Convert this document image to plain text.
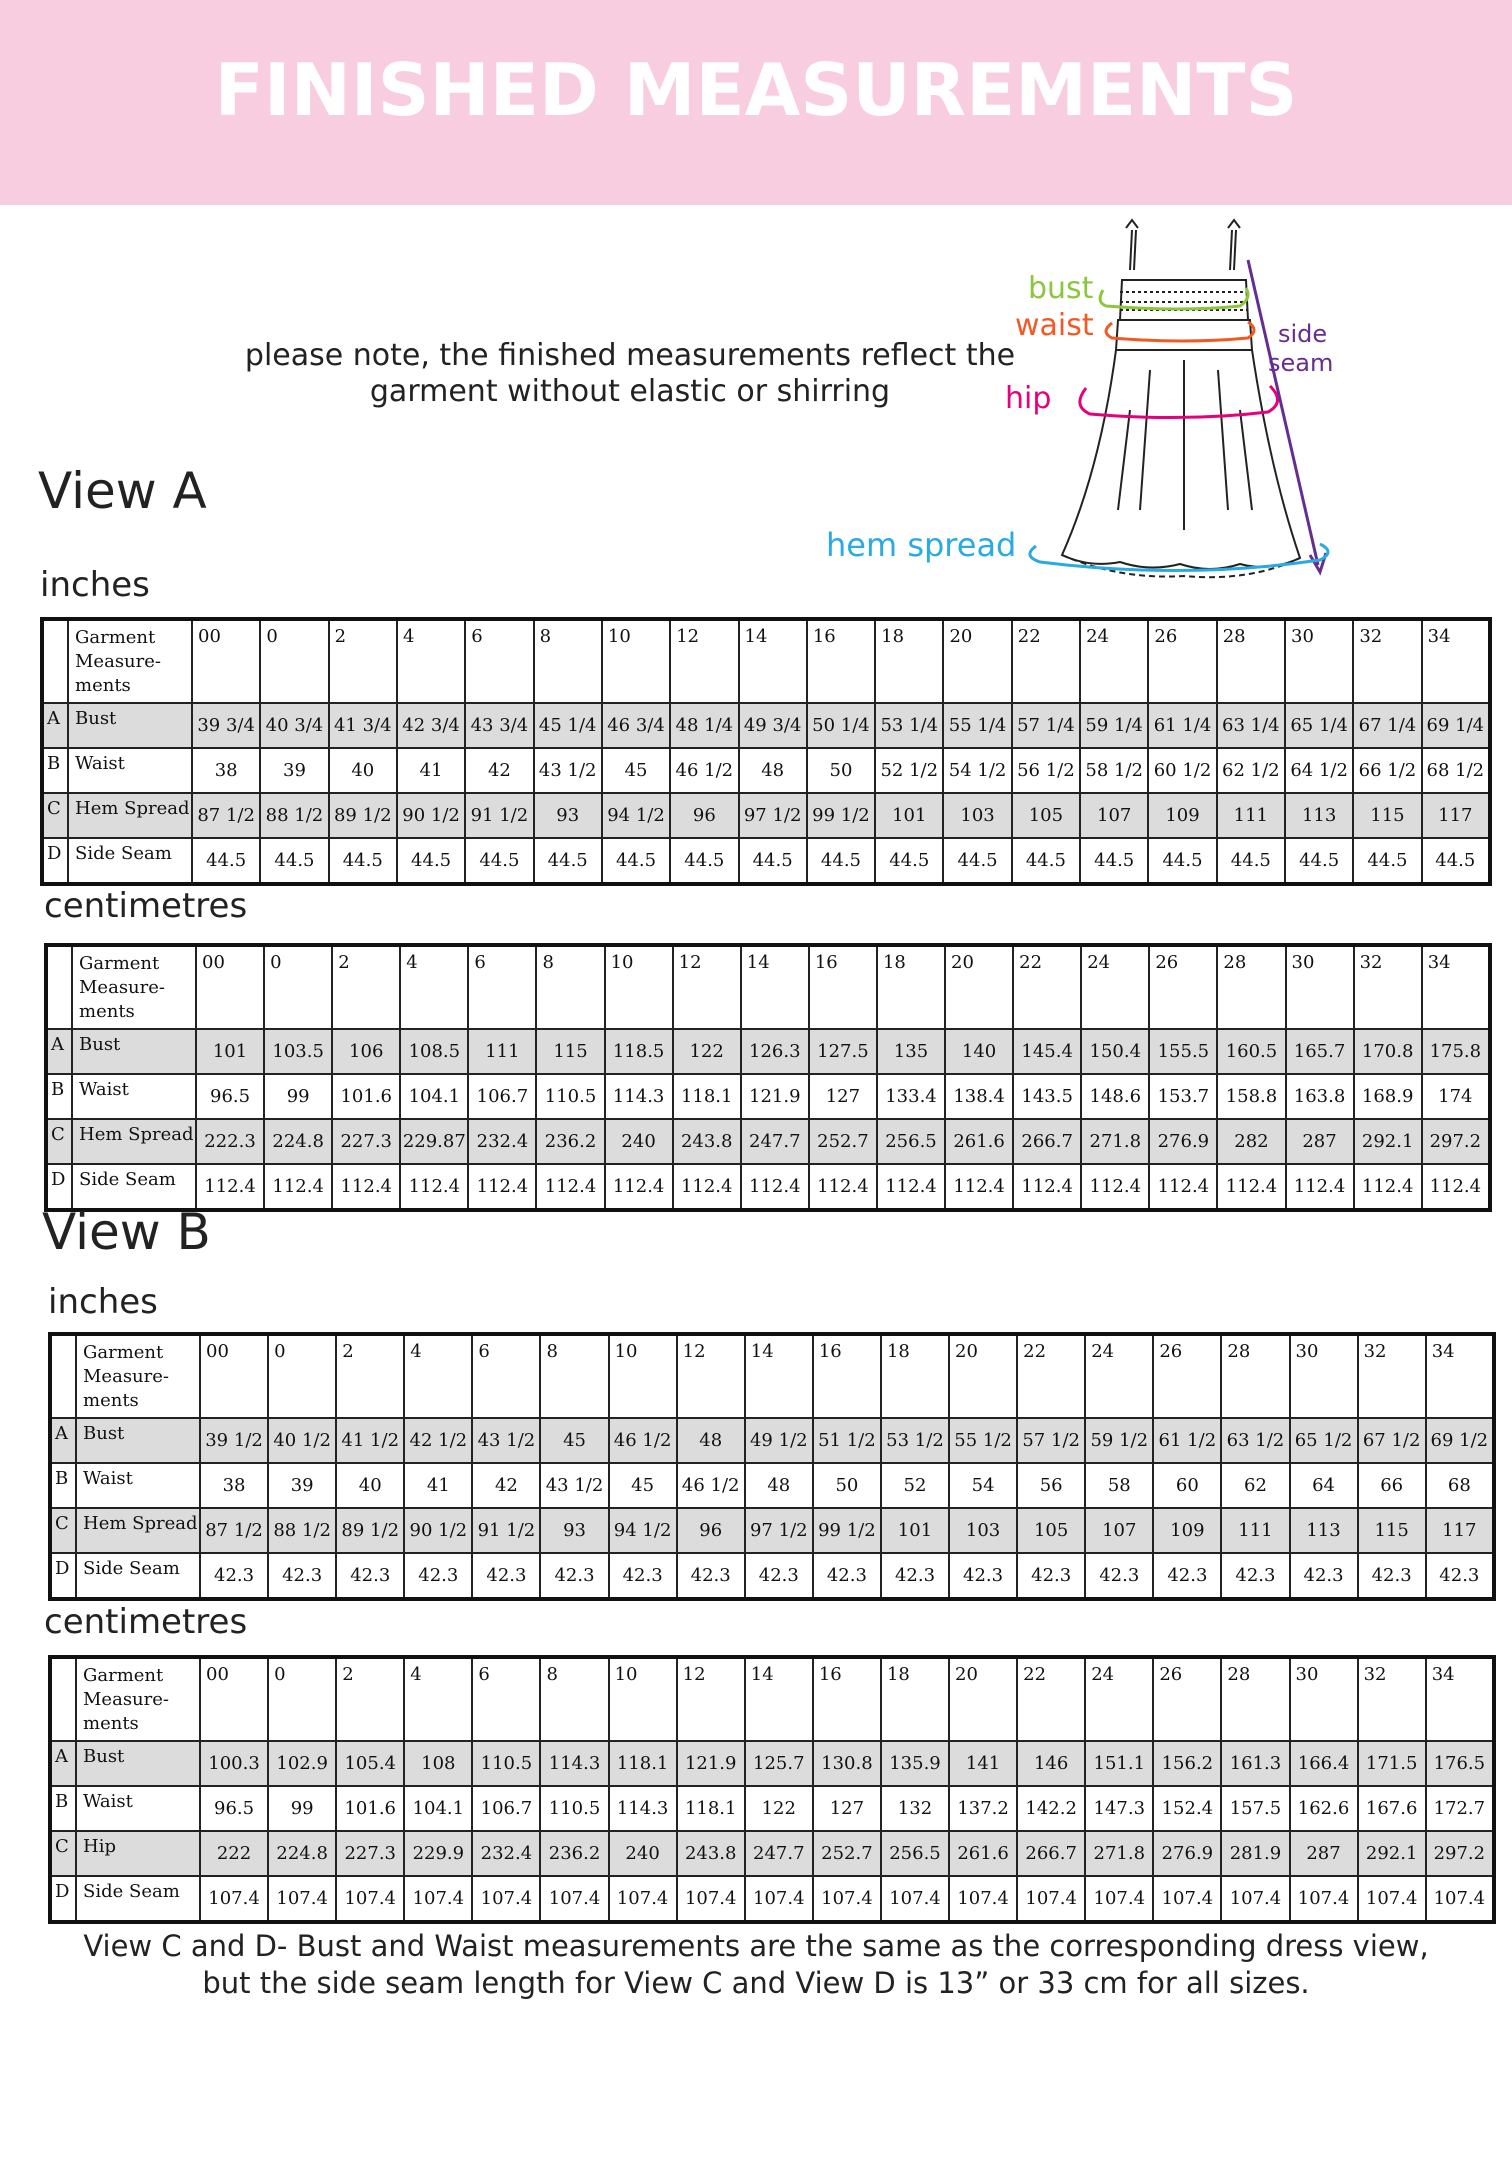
FINISHED MEASUREMENTS
please note, the finished measurements reflect the
garment without elastic or shirring
bust
waist
hip
side
seam
hem spread
View A
inches

	Garment
Measure-
ments	00	0	2	4	6	8	10	12	14	16	18	20	22	24	26	28	30	32	34
A	Bust	39 3/4	40 3/4	41 3/4	42 3/4	43 3/4	45 1/4	46 3/4	48 1/4	49 3/4	50 1/4	53 1/4	55 1/4	57 1/4	59 1/4	61 1/4	63 1/4	65 1/4	67 1/4	69 1/4
B	Waist	38	39	40	41	42	43 1/2	45	46 1/2	48	50	52 1/2	54 1/2	56 1/2	58 1/2	60 1/2	62 1/2	64 1/2	66 1/2	68 1/2
C	Hem Spread	87 1/2	88 1/2	89 1/2	90 1/2	91 1/2	93	94 1/2	96	97 1/2	99 1/2	101	103	105	107	109	111	113	115	117
D	Side Seam	44.5	44.5	44.5	44.5	44.5	44.5	44.5	44.5	44.5	44.5	44.5	44.5	44.5	44.5	44.5	44.5	44.5	44.5	44.5
centimetres

	Garment
Measure-
ments	00	0	2	4	6	8	10	12	14	16	18	20	22	24	26	28	30	32	34
A	Bust	101	103.5	106	108.5	111	115	118.5	122	126.3	127.5	135	140	145.4	150.4	155.5	160.5	165.7	170.8	175.8
B	Waist	96.5	99	101.6	104.1	106.7	110.5	114.3	118.1	121.9	127	133.4	138.4	143.5	148.6	153.7	158.8	163.8	168.9	174
C	Hem Spread	222.3	224.8	227.3	229.87	232.4	236.2	240	243.8	247.7	252.7	256.5	261.6	266.7	271.8	276.9	282	287	292.1	297.2
D	Side Seam	112.4	112.4	112.4	112.4	112.4	112.4	112.4	112.4	112.4	112.4	112.4	112.4	112.4	112.4	112.4	112.4	112.4	112.4	112.4
View B
inches

	Garment
Measure-
ments	00	0	2	4	6	8	10	12	14	16	18	20	22	24	26	28	30	32	34
A	Bust	39 1/2	40 1/2	41 1/2	42 1/2	43 1/2	45	46 1/2	48	49 1/2	51 1/2	53 1/2	55 1/2	57 1/2	59 1/2	61 1/2	63 1/2	65 1/2	67 1/2	69 1/2
B	Waist	38	39	40	41	42	43 1/2	45	46 1/2	48	50	52	54	56	58	60	62	64	66	68
C	Hem Spread	87 1/2	88 1/2	89 1/2	90 1/2	91 1/2	93	94 1/2	96	97 1/2	99 1/2	101	103	105	107	109	111	113	115	117
D	Side Seam	42.3	42.3	42.3	42.3	42.3	42.3	42.3	42.3	42.3	42.3	42.3	42.3	42.3	42.3	42.3	42.3	42.3	42.3	42.3
centimetres

	Garment
Measure-
ments	00	0	2	4	6	8	10	12	14	16	18	20	22	24	26	28	30	32	34
A	Bust	100.3	102.9	105.4	108	110.5	114.3	118.1	121.9	125.7	130.8	135.9	141	146	151.1	156.2	161.3	166.4	171.5	176.5
B	Waist	96.5	99	101.6	104.1	106.7	110.5	114.3	118.1	122	127	132	137.2	142.2	147.3	152.4	157.5	162.6	167.6	172.7
C	Hip	222	224.8	227.3	229.9	232.4	236.2	240	243.8	247.7	252.7	256.5	261.6	266.7	271.8	276.9	281.9	287	292.1	297.2
D	Side Seam	107.4	107.4	107.4	107.4	107.4	107.4	107.4	107.4	107.4	107.4	107.4	107.4	107.4	107.4	107.4	107.4	107.4	107.4	107.4
View C and D- Bust and Waist measurements are the same as the corresponding dress view,
but the side seam length for View C and View D is 13” or 33 cm for all sizes.
